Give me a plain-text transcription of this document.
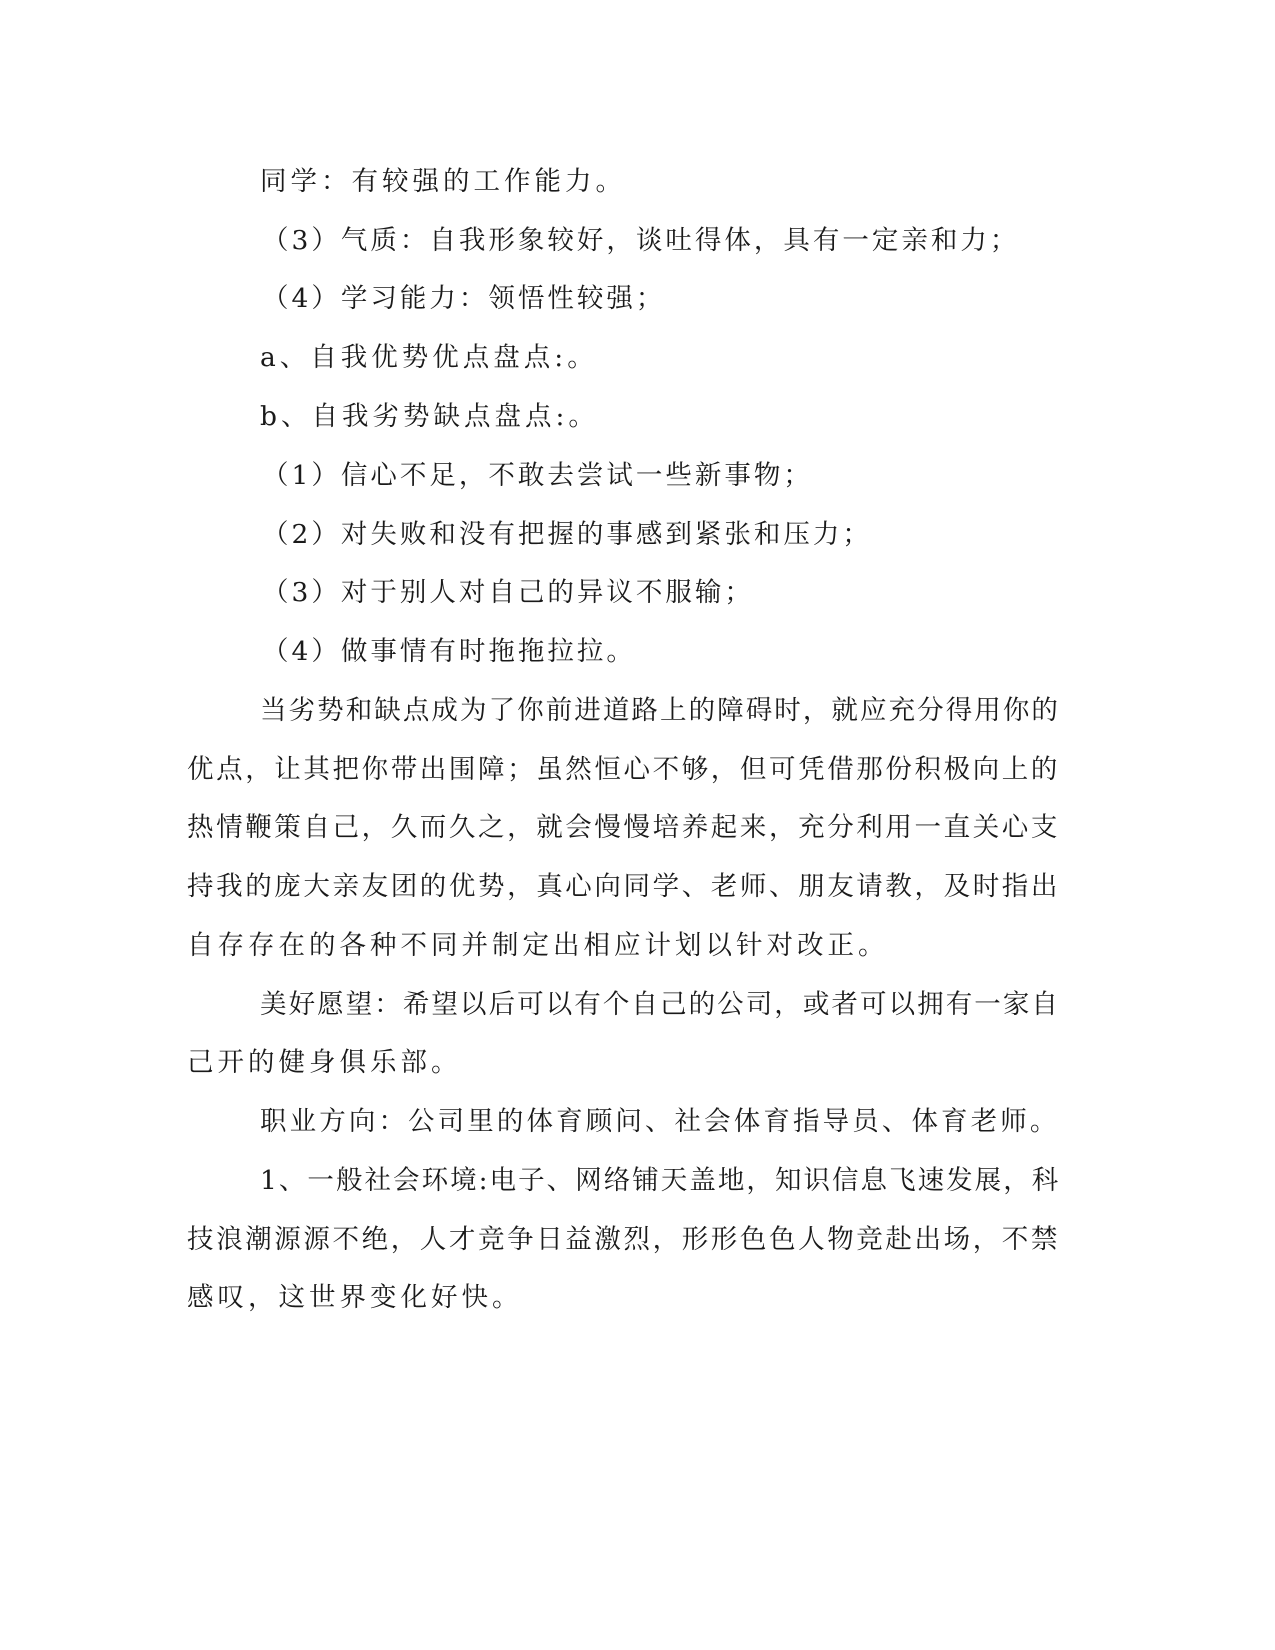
同学：有较强的工作能力。
（3）气质：自我形象较好，谈吐得体，具有一定亲和力；
（4）学习能力：领悟性较强；
a、自我优势优点盘点:。
b、自我劣势缺点盘点:。
（1）信心不足，不敢去尝试一些新事物；
（2）对失败和没有把握的事感到紧张和压力；
（3）对于别人对自己的异议不服输；
（4）做事情有时拖拖拉拉。
当劣势和缺点成为了你前进道路上的障碍时，就应充分得用你的
优点，让其把你带出围障；虽然恒心不够，但可凭借那份积极向上的
热情鞭策自己，久而久之，就会慢慢培养起来，充分利用一直关心支
持我的庞大亲友团的优势，真心向同学、老师、朋友请教，及时指出
自存存在的各种不同并制定出相应计划以针对改正。
美好愿望：希望以后可以有个自己的公司，或者可以拥有一家自
己开的健身俱乐部。
职业方向：公司里的体育顾问、社会体育指导员、体育老师。
1、一般社会环境:电子、网络铺天盖地，知识信息飞速发展，科
技浪潮源源不绝，人才竞争日益激烈，形形色色人物竞赴出场，不禁
感叹，这世界变化好快。
